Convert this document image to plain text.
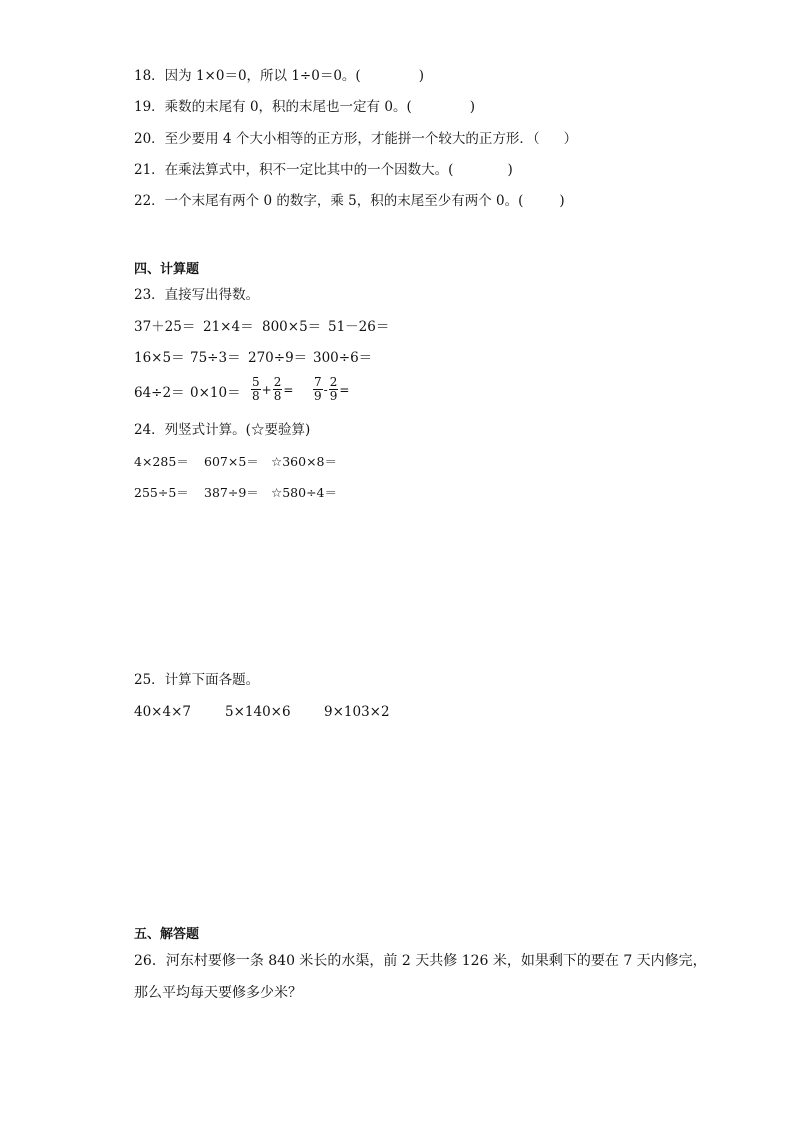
18．因为 1×0＝0，所以 1÷0＝0。(	)
19．乘数的末尾有 0，积的末尾也一定有 0。(	)
20．至少要用 4 个大小相等的正方形，才能拼一个较大的正方形．（ ）
21．在乘法算式中，积不一定比其中的一个因数大。(	)
22．一个末尾有两个 0 的数字，乘 5，积的末尾至少有两个 0。(	)
四、计算题
23．直接写出得数。
37＋25＝ 21×4＝ 800×5＝ 51－26＝
16×5＝ 75÷3＝ 270÷9＝ 300÷6＝
$64\div 2= 0\times 10= \frac{5}{8} + \frac{2}{8} = \frac{7}{9} - \frac{2}{9}$ =
24．列竖式计算。(☆要验算)
4×285＝ 607×5＝ ☆360×8＝
255÷5＝ 387÷9＝ ☆580÷4＝
25．计算下面各题。
40×4×7	5×140×6 9×103×2
五、解答题
26．河东村要修一条 840 米长的水渠，前 2 天共修 126 米，如果剩下的要在 7 天内修完，
那么平均每天要修多少米？
